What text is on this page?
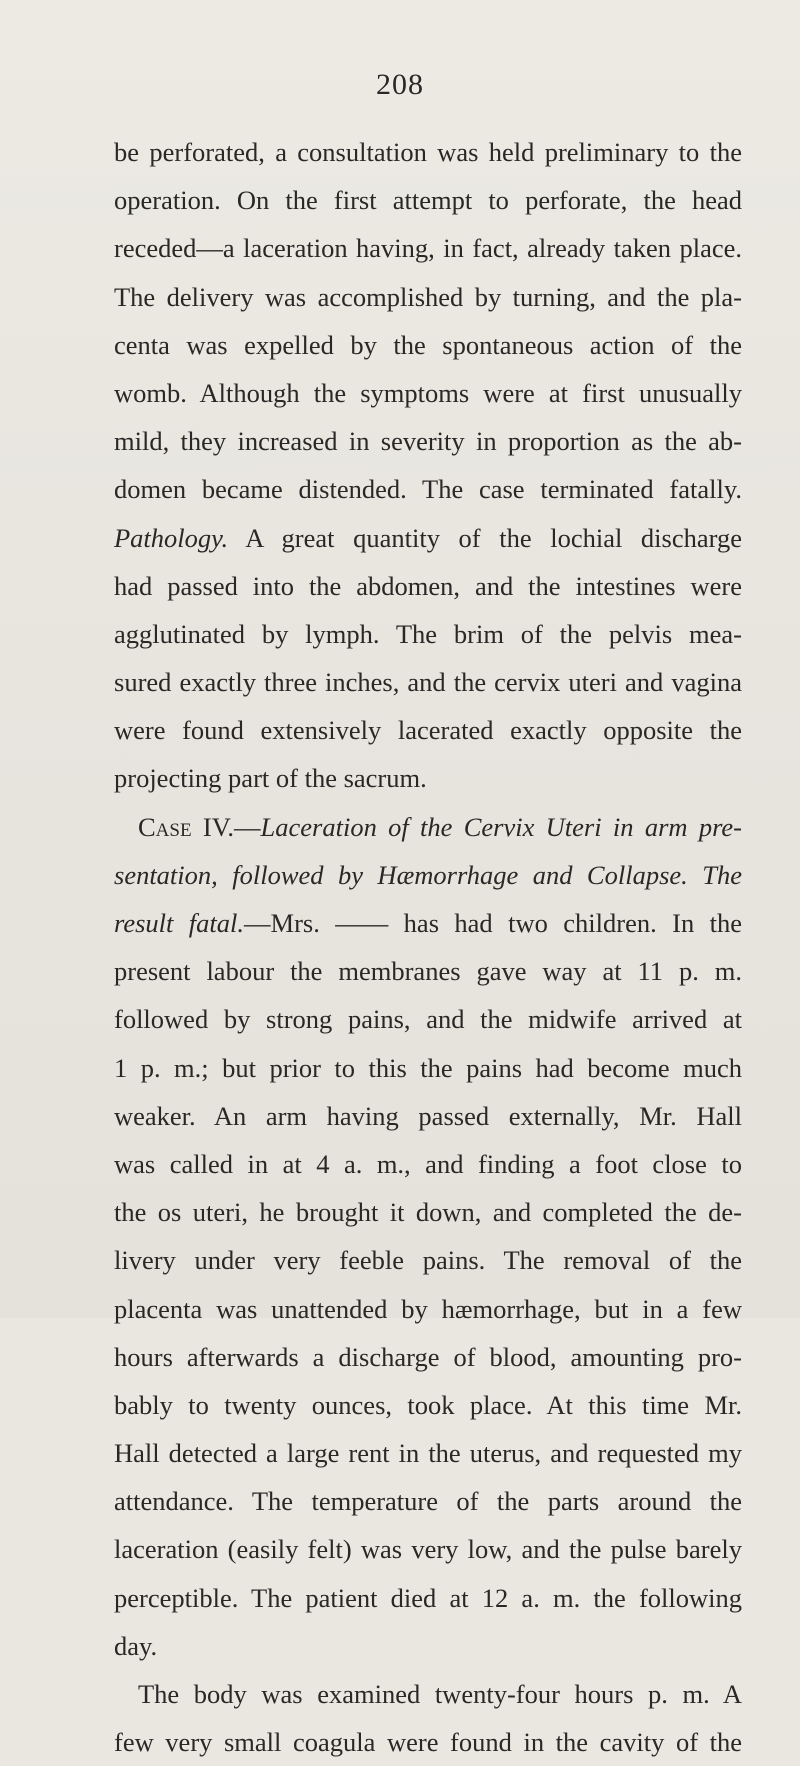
208
be perforated, a consultation was held preliminary to the
operation. On the first attempt to perforate, the head
receded—a laceration having, in fact, already taken place.
The delivery was accomplished by turning, and the pla-
centa was expelled by the spontaneous action of the
womb. Although the symptoms were at first unusually
mild, they increased in severity in proportion as the ab-
domen became distended. The case terminated fatally.
Pathology. A great quantity of the lochial discharge
had passed into the abdomen, and the intestines were
agglutinated by lymph. The brim of the pelvis mea-
sured exactly three inches, and the cervix uteri and vagina
were found extensively lacerated exactly opposite the
projecting part of the sacrum.
Case IV.—Laceration of the Cervix Uteri in arm pre-
sentation, followed by Hæmorrhage and Collapse. The
result fatal.—Mrs. —— has had two children. In the
present labour the membranes gave way at 11 p. m.
followed by strong pains, and the midwife arrived at
1 p. m.; but prior to this the pains had become much
weaker. An arm having passed externally, Mr. Hall
was called in at 4 a. m., and finding a foot close to
the os uteri, he brought it down, and completed the de-
livery under very feeble pains. The removal of the
placenta was unattended by hæmorrhage, but in a few
hours afterwards a discharge of blood, amounting pro-
bably to twenty ounces, took place. At this time Mr.
Hall detected a large rent in the uterus, and requested my
attendance. The temperature of the parts around the
laceration (easily felt) was very low, and the pulse barely
perceptible. The patient died at 12 a. m. the following
day.
The body was examined twenty-four hours p. m. A
few very small coagula were found in the cavity of the
